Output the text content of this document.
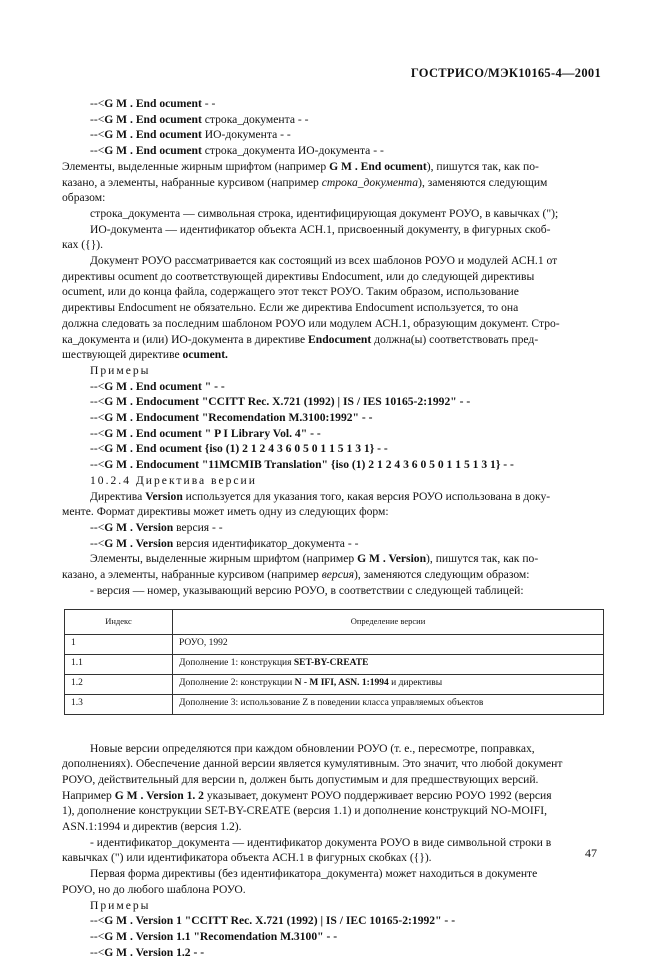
ГОСТРИСО/МЭК10165-4—2001
--<G M . End ocument - -
--<G M . End ocument строка_документа - -
--<G M . End ocument ИО-документа - -
--<G M . End ocument строка_документа ИО-документа - -
Элементы, выделенные жирным шрифтом (например G M . End ocument), пишутся так, как по-
казано, а элементы, набранные курсивом (например строка_документа), заменяются следующим
образом:
строка_документа — символьная строка, идентифицирующая документ РОУО, в кавычках (");
ИО-документа — идентификатор объекта АСН.1, присвоенный документу, в фигурных скоб-
ках ({}).
Документ РОУО рассматривается как состоящий из всех шаблонов РОУО и модулей АСН.1 от
директивы ocument до соответствующей директивы Endocument, или до следующей директивы
ocument, или до конца файла, содержащего этот текст РОУО. Таким образом, использование
директивы Endocument не обязательно. Если же директива Endocument используется, то она
должна следовать за последним шаблоном РОУО или модулем АСН.1, образующим документ. Стро-
ка_документа и (или) ИО-документа в директиве Endocument должна(ы) соответствовать пред-
шествующей директиве ocument.
Примеры
--<G M . End ocument " - -
--<G M . Endocument "CCITT Rec. X.721 (1992) | IS / IES 10165-2:1992" - -
--<G M . Endocument "Recomendation M.3100:1992" - -
--<G M . End ocument " P I Library Vol. 4" - -
--<G M . End ocument {iso (1) 2 1 2 4 3 6 0 5 0 1 1 5 1 3 1} - -
--<G M . Endocument "11MCMIB Translation" {iso (1) 2 1 2 4 3 6 0 5 0 1 1 5 1 3 1} - -
10.2.4 Директива версии
Директива Version используется для указания того, какая версия РОУО использована в доку-
менте. Формат директивы может иметь одну из следующих форм:
--<G M . Version версия - -
--<G M . Version версия идентификатор_документа - -
Элементы, выделенные жирным шрифтом (например G M . Version), пишутся так, как по-
казано, а элементы, набранные курсивом (например версия), заменяются следующим образом:
- версия — номер, указывающий версию РОУО, в соответствии с следующей таблицей:
Индекс	Определение версии
1	РОУО, 1992
1.1	Дополнение 1: конструкция SET-BY-CREATE
1.2	Дополнение 2: конструкции N - M IFI, ASN. 1:1994 и директивы
1.3	Дополнение 3: использование Z в поведении класса управляемых объектов
Новые версии определяются при каждом обновлении РОУО (т. е., пересмотре, поправках,
дополнениях). Обеспечение данной версии является кумулятивным. Это значит, что любой документ
РОУО, действительный для версии n, должен быть допустимым и для предшествующих версий.
Например G M . Version 1. 2 указывает, документ РОУО поддерживает версию РОУО 1992 (версия
1), дополнение конструкции SET-BY-CREATE (версия 1.1) и дополнение конструкций NO-MOIFI,
ASN.1:1994 и директив (версия 1.2).
- идентификатор_документа — идентификатор документа РОУО в виде символьной строки в
кавычках (") или идентификатора объекта АСН.1 в фигурных скобках ({}).
Первая форма директивы (без идентификатора_документа) может находиться в документе
РОУО, но до любого шаблона РОУО.
Примеры
--<G M . Version 1 "CCITT Rec. X.721 (1992) | IS / IEC 10165-2:1992" - -
--<G M . Version 1.1 "Recomendation M.3100" - -
--<G M . Version 1.2 - -
47
